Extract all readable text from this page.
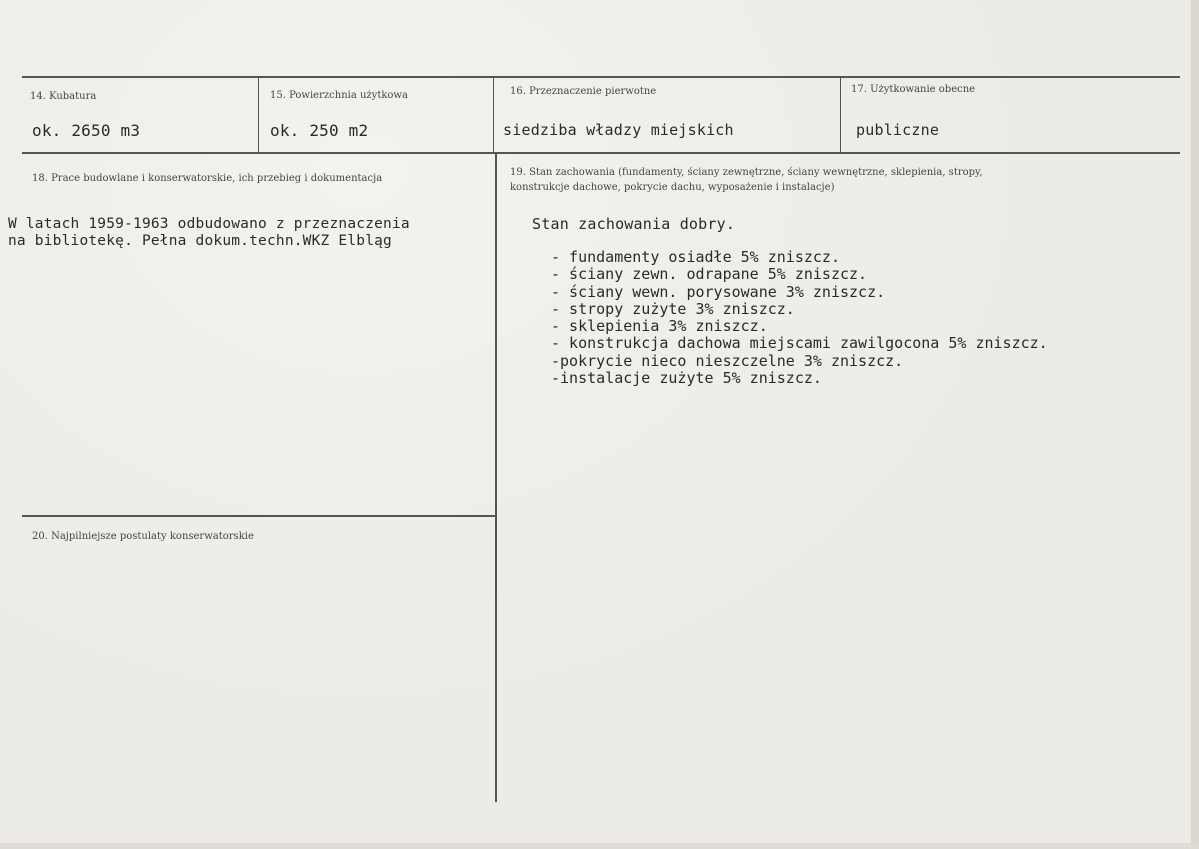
14. Kubatura	15. Powierzchnia użytkowa	16. Przeznaczenie pierwotne	17. Użytkowanie obecne
ok. 2650 m3	ok. 250 m2	siedziba władzy miejskich	publiczne
18. Prace budowlane i konserwatorskie, ich przebieg i dokumentacja
W latach 1959-1963 odbudowano z przeznaczenia
na bibliotekę. Pełna dokum.techn.WKZ Elbląg
19. Stan zachowania (fundamenty, ściany zewnętrzne, ściany wewnętrzne, sklepienia, stropy,
konstrukcje dachowe, pokrycie dachu, wyposażenie i instalacje)
Stan zachowania dobry.
- fundamenty osiadłe 5% zniszcz.
- ściany zewn. odrapane 5% zniszcz.
- ściany wewn. porysowane 3% zniszcz.
- stropy zużyte 3% zniszcz.
- sklepienia 3% zniszcz.
- konstrukcja dachowa miejscami zawilgocona 5% zniszcz.
-pokrycie nieco nieszczelne 3% zniszcz.
-instalacje zużyte 5% zniszcz.
20. Najpilniejsze postulaty konserwatorskie
